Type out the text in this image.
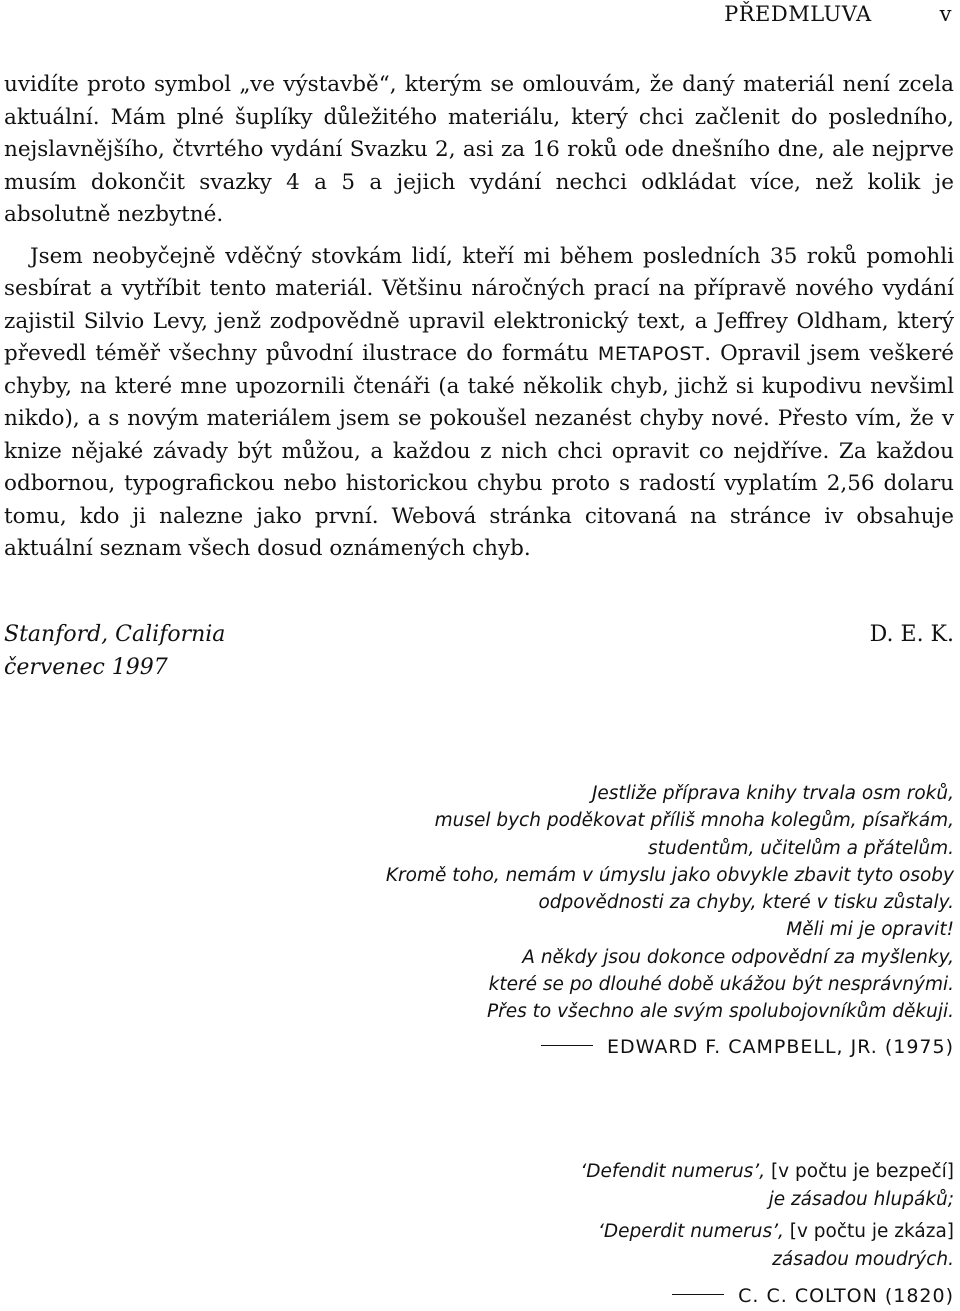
PŘEDMLUVA	v

uvidíte proto symbol „ve výstavbě“, kterým se omlouvám, že daný materiál není zcela aktuální. Mám plné šuplíky důležitého materiálu, který chci začlenit do posledního, nejslavnějšího, čtvrtého vydání Svazku 2, asi za 16 roků ode dnešního dne, ale nejprve musím dokončit svazky 4 a 5 a jejich vydání nechci odkládat více, než kolik je absolutně nezbytné.

Jsem neobyčejně vděčný stovkám lidí, kteří mi během posledních 35 roků pomohli sesbírat a vytříbit tento materiál. Většinu náročných prací na přípravě nového vydání zajistil Silvio Levy, jenž zodpovědně upravil elektronický text, a Jeffrey Oldham, který převedl téměř všechny původní ilustrace do formátu METAPOST. Opravil jsem veškeré chyby, na které mne upozornili čtenáři (a také několik chyb, jichž si kupodivu nevšiml nikdo), a s novým materiálem jsem se pokoušel nezanést chyby nové. Přesto vím, že v knize nějaké závady být můžou, a každou z nich chci opravit co nejdříve. Za každou odbornou, typografickou nebo historickou chybu proto s radostí vyplatím 2,56 dolaru tomu, kdo ji nalezne jako první. Webová stránka citovaná na stránce iv obsahuje aktuální seznam všech dosud oznámených chyb.

Stanford, California
červenec 1997
D. E. K.
Jestliže příprava knihy trvala osm roků,
musel bych poděkovat příliš mnoha kolegům, písařkám,
studentům, učitelům a přátelům.
Kromě toho, nemám v úmyslu jako obvykle zbavit tyto osoby
odpovědnosti za chyby, které v tisku zůstaly.
Měli mi je opravit!
A někdy jsou dokonce odpovědní za myšlenky,
které se po dlouhé době ukážou být nesprávnými.
Přes to všechno ale svým spolubojovníkům děkuji.
EDWARD F. CAMPBELL, JR. (1975)
‘Defendit numerus’, [v počtu je bezpečí]
je zásadou hlupáků;
‘Deperdit numerus’, [v počtu je zkáza]
zásadou moudrých.
C. C. COLTON (1820)
